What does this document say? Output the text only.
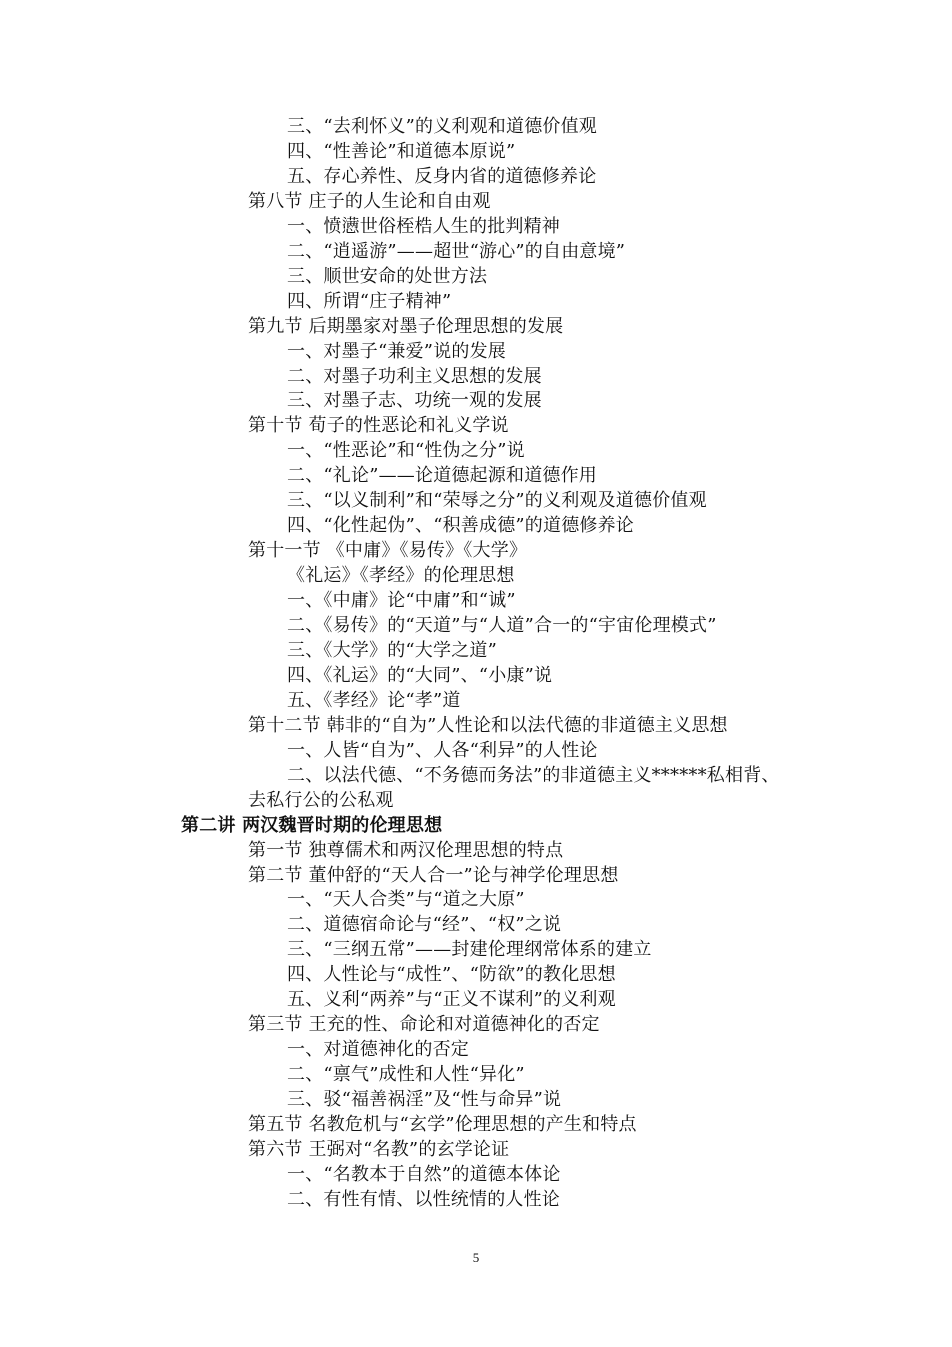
三、“去利怀义”的义利观和道德价值观
四、“性善论”和道德本原说”
五、存心养性、反身内省的道德修养论
第八节 庄子的人生论和自由观
一、愤懑世俗桎梏人生的批判精神
二、“逍遥游”——超世“游心”的自由意境”
三、顺世安命的处世方法
四、所谓“庄子精神”
第九节 后期墨家对墨子伦理思想的发展
一、对墨子“兼爱”说的发展
二、对墨子功利主义思想的发展
三、对墨子志、功统一观的发展
第十节 荀子的性恶论和礼义学说
一、“性恶论”和“性伪之分”说
二、“礼论”——论道德起源和道德作用
三、“以义制利”和“荣辱之分”的义利观及道德价值观
四、“化性起伪”、“积善成德”的道德修养论
第十一节 《中庸》《易传》《大学》
《礼运》《孝经》的伦理思想
一、《中庸》论“中庸”和“诚”
二、《易传》的“天道”与“人道”合一的“宇宙伦理模式”
三、《大学》的“大学之道”
四、《礼运》的“大同”、“小康”说
五、《孝经》论“孝”道
第十二节 韩非的“自为”人性论和以法代德的非道德主义思想
一、人皆“自为”、人各“利异”的人性论
二、以法代德、“不务德而务法”的非道德主义******私相背、
去私行公的公私观
第二讲 两汉魏晋时期的伦理思想
第一节 独尊儒术和两汉伦理思想的特点
第二节 董仲舒的“天人合一”论与神学伦理思想
一、“天人合类”与“道之大原”
二、道德宿命论与“经”、“权”之说
三、“三纲五常”——封建伦理纲常体系的建立
四、人性论与“成性”、“防欲”的教化思想
五、义利“两养”与“正义不谋利”的义利观
第三节 王充的性、命论和对道德神化的否定
一、对道德神化的否定
二、“禀气”成性和人性“异化”
三、驳“福善祸淫”及“性与命异”说
第五节 名教危机与“玄学”伦理思想的产生和特点
第六节 王弼对“名教”的玄学论证
一、“名教本于自然”的道德本体论
二、有性有情、以性统情的人性论
5
